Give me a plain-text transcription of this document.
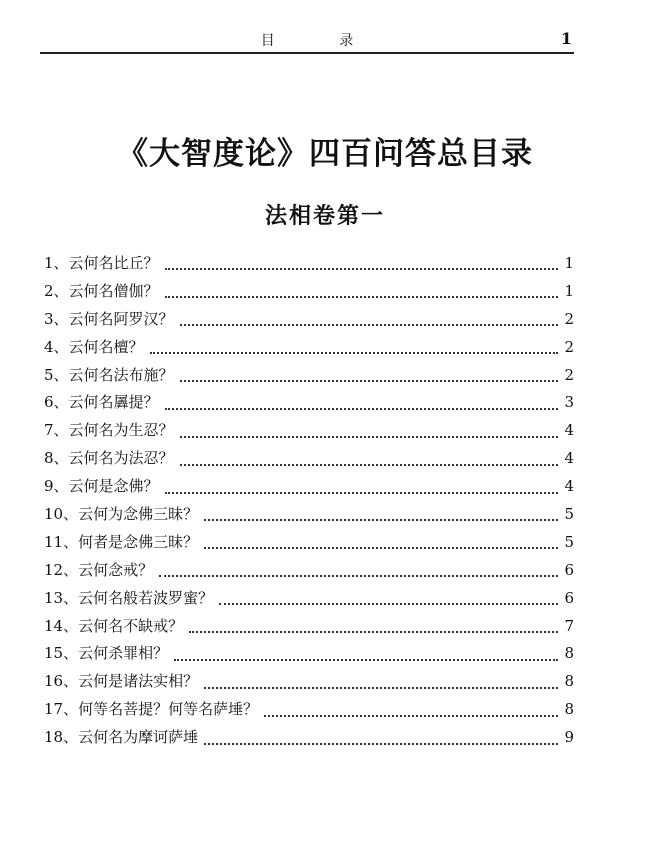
目 录	1
《大智度论》四百问答总目录
法相卷第一
1、云何名比丘？	1
2、云何名僧伽？	1
3、云何名阿罗汉？	2
4、云何名檀？	2
5、云何名法布施？	2
6、云何名羼提？	3
7、云何名为生忍？	4
8、云何名为法忍？	4
9、云何是念佛？	4
10、云何为念佛三昧？	5
11、何者是念佛三昧？	5
12、云何念戒？	6
13、云何名般若波罗蜜？	6
14、云何名不缺戒？	7
15、云何杀罪相？	8
16、云何是诸法实相？	8
17、何等名菩提？何等名萨埵？	8
18、云何名为摩诃萨埵	9
